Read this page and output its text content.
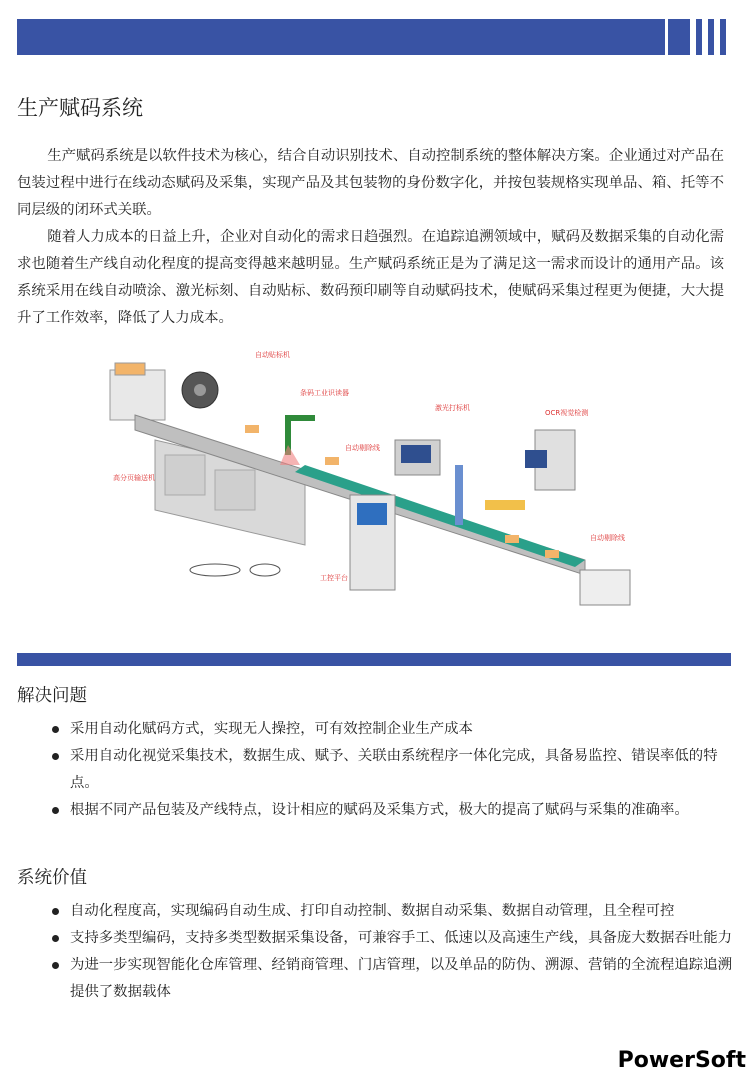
生产赋码系统

生产赋码系统是以软件技术为核心，结合自动识别技术、自动控制系统的整体解决方案。企业通过对产品在包装过程中进行在线动态赋码及采集，实现产品及其包装物的身份数字化，并按包装规格实现单品、箱、托等不同层级的闭环式关联。

随着人力成本的日益上升，企业对自动化的需求日趋强烈。在追踪追溯领域中，赋码及数据采集的自动化需求也随着生产线自动化程度的提高变得越来越明显。生产赋码系统正是为了满足这一需求而设计的通用产品。该系统采用在线自动喷涂、激光标刻、自动贴标、数码预印刷等自动赋码技术，使赋码采集过程更为便捷，大大提升了工作效率，降低了人力成本。

自动贴标机
条码工业识读器
激光打标机
OCR视觉检测
高分页输送机
自动剔除线
自动剔除线
工控平台
解决问题
采用自动化赋码方式，实现无人操控，可有效控制企业生产成本
采用自动化视觉采集技术，数据生成、赋予、关联由系统程序一体化完成，具备易监控、错误率低的特点。
根据不同产品包装及产线特点，设计相应的赋码及采集方式，极大的提高了赋码与采集的准确率。
系统价值
自动化程度高，实现编码自动生成、打印自动控制、数据自动采集、数据自动管理，且全程可控
支持多类型编码，支持多类型数据采集设备，可兼容手工、低速以及高速生产线，具备庞大数据吞吐能力
为进一步实现智能化仓库管理、经销商管理、门店管理，以及单品的防伪、溯源、营销的全流程追踪追溯提供了数据载体
PowerSoft
